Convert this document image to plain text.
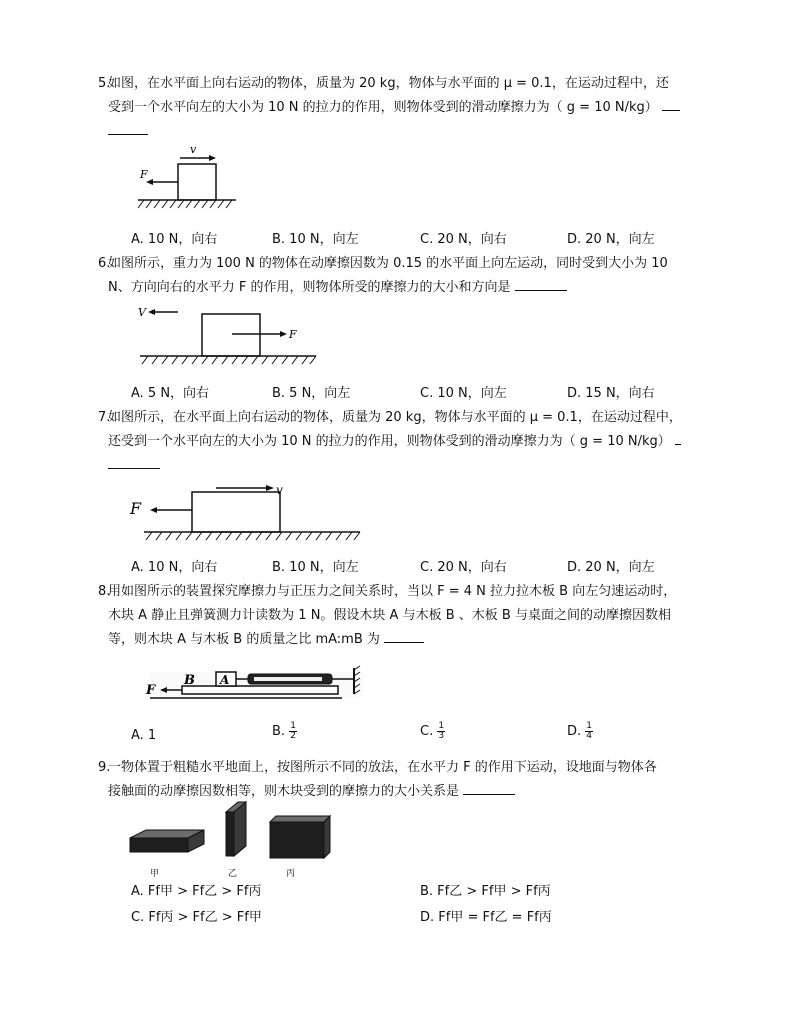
5.
如图，在水平面上向右运动的物体，质量为 20 kg，物体与水平面的 μ = 0.1，在运动过程中，还
受到一个水平向左的大小为 10 N 的拉力的作用，则物体受到的滑动摩擦力为（ g = 10 N/kg）

v
F
A. 10 N，向右	B. 10 N，向左	C. 20 N，向右	D. 20 N，向左

6.
如图所示，重力为 100 N 的物体在动摩擦因数为 0.15 的水平面上向左运动，同时受到大小为 10
N、方向向右的水平力 F 的作用，则物体所受的摩擦力的大小和方向是

V
F
A. 5 N，向右	B. 5 N，向左	C. 10 N，向左	D. 15 N，向右

7.
如图所示，在水平面上向右运动的物体，质量为 20 kg，物体与水平面的 μ = 0.1，在运动过程中，
还受到一个水平向左的大小为 10 N 的拉力的作用，则物体受到的滑动摩擦力为（ g = 10 N/kg）

v
F
A. 10 N，向右	B. 10 N，向左	C. 20 N，向右	D. 20 N，向左

8.
用如图所示的装置探究摩擦力与正压力之间关系时，当以 F = 4 N 拉力拉木板 B 向左匀速运动时，
木块 A 静止且弹簧测力计读数为 1 N。假设木块 A 与木板 B 、木板 B 与桌面之间的动摩擦因数相
等，则木块 A 与木板 B 的质量之比 mA:mB 为

F
B A
A. 1	B. $\frac{1}{2}$	C. $\frac{1}{3}$	D. $\frac{1}{4}$

9.
一物体置于粗糙水平地面上，按图所示不同的放法，在水平力 F 的作用下运动，设地面与物体各
接触面的动摩擦因数相等，则木块受到的摩擦力的大小关系是

甲	乙	丙
A. Ff甲 > Ff乙 > Ff丙	B. Ff乙 > Ff甲 > Ff丙
C. Ff丙 > Ff乙 > Ff甲	D. Ff甲 = Ff乙 = Ff丙
